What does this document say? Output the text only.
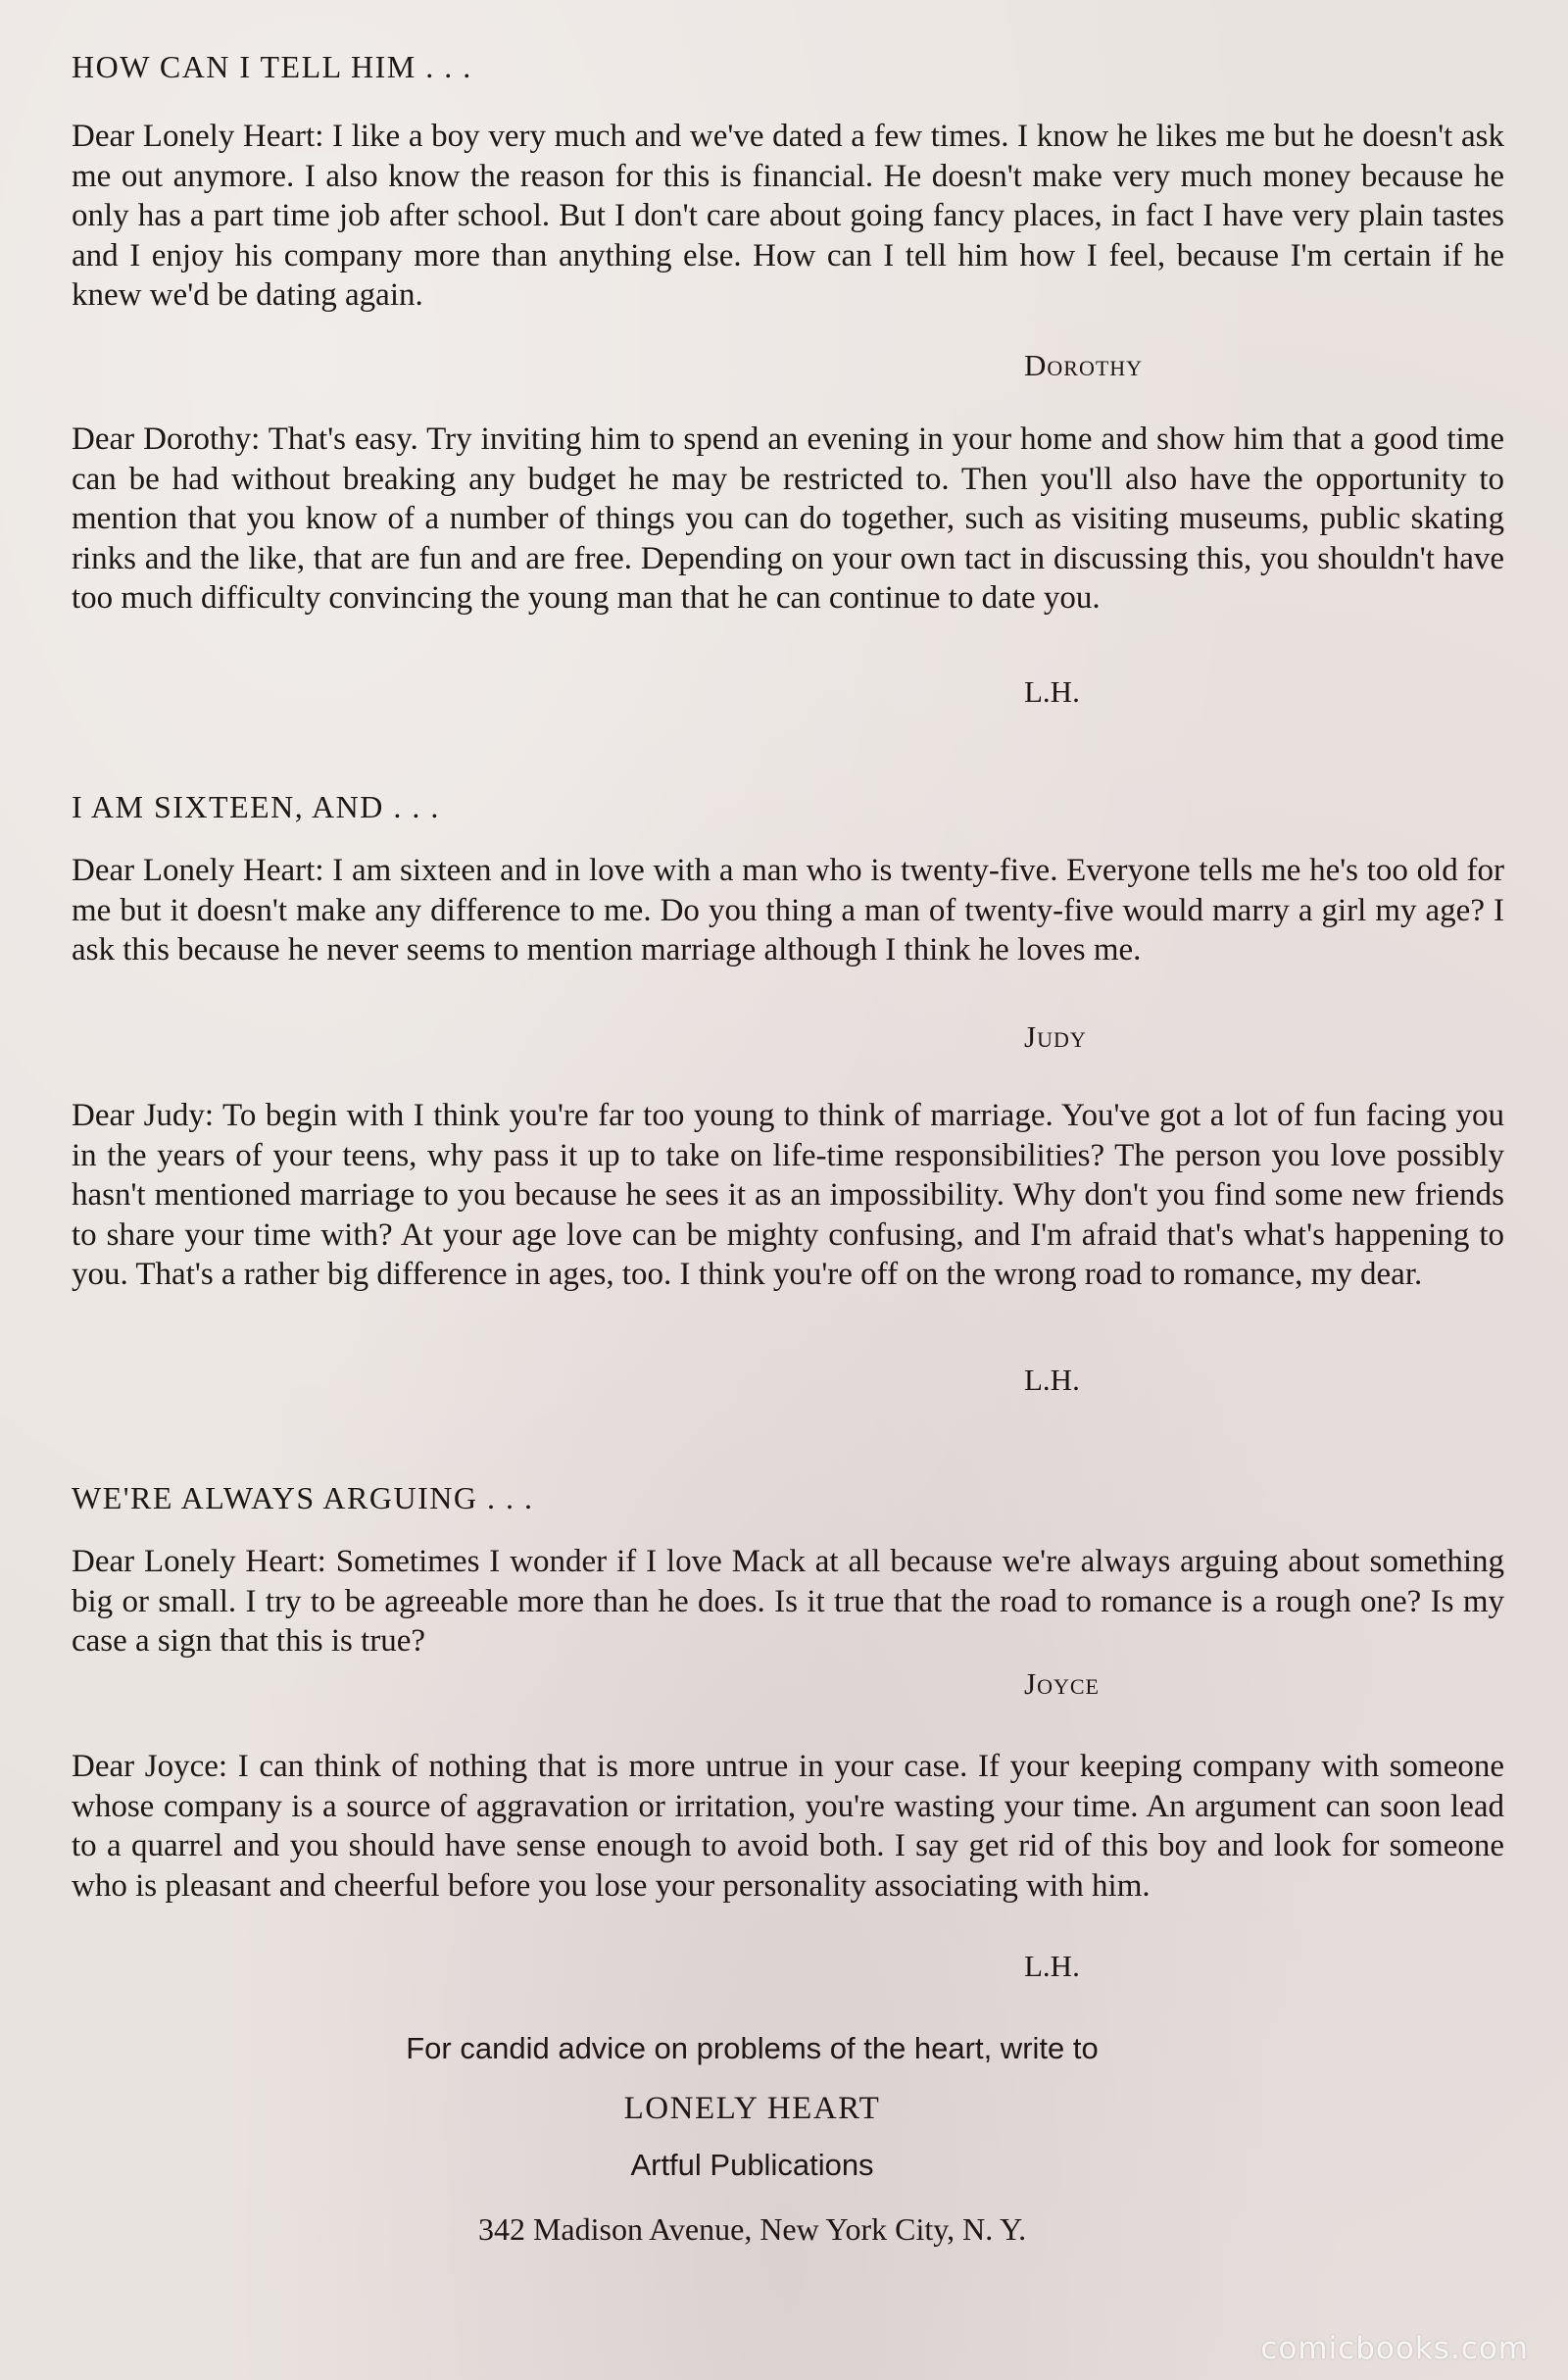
HOW CAN I TELL HIM . . .

Dear Lonely Heart: I like a boy very much and we've dated a few times. I know he likes me but he doesn't ask me out anymore. I also know the reason for this is financial. He doesn't make very much money because he only has a part time job after school. But I don't care about going fancy places, in fact I have very plain tastes and I enjoy his company more than anything else. How can I tell him how I feel, because I'm certain if he knew we'd be dating again.

Dorothy

Dear Dorothy: That's easy. Try inviting him to spend an evening in your home and show him that a good time can be had without breaking any budget he may be restricted to. Then you'll also have the opportunity to mention that you know of a number of things you can do together, such as visiting museums, public skating rinks and the like, that are fun and are free. Depending on your own tact in discussing this, you shouldn't have too much difficulty convincing the young man that he can continue to date you.

L.H.

I AM SIXTEEN, AND . . .

Dear Lonely Heart: I am sixteen and in love with a man who is twenty-five. Everyone tells me he's too old for me but it doesn't make any difference to me. Do you thing a man of twenty-five would marry a girl my age? I ask this because he never seems to mention marriage although I think he loves me.

Judy

Dear Judy: To begin with I think you're far too young to think of marriage. You've got a lot of fun facing you in the years of your teens, why pass it up to take on life-time responsibilities? The person you love possibly hasn't mentioned marriage to you because he sees it as an impossibility. Why don't you find some new friends to share your time with? At your age love can be mighty confusing, and I'm afraid that's what's happening to you. That's a rather big difference in ages, too. I think you're off on the wrong road to romance, my dear.

L.H.

WE'RE ALWAYS ARGUING . . .

Dear Lonely Heart: Sometimes I wonder if I love Mack at all because we're always arguing about something big or small. I try to be agreeable more than he does. Is it true that the road to romance is a rough one? Is my case a sign that this is true?

Joyce

Dear Joyce: I can think of nothing that is more untrue in your case. If your keeping company with someone whose company is a source of aggravation or irritation, you're wasting your time. An argument can soon lead to a quarrel and you should have sense enough to avoid both. I say get rid of this boy and look for someone who is pleasant and cheerful before you lose your personality associating with him.

L.H.

For candid advice on problems of the heart, write to

LONELY HEART

Artful Publications

342 Madison Avenue, New York City, N. Y.

comicbooks.com
